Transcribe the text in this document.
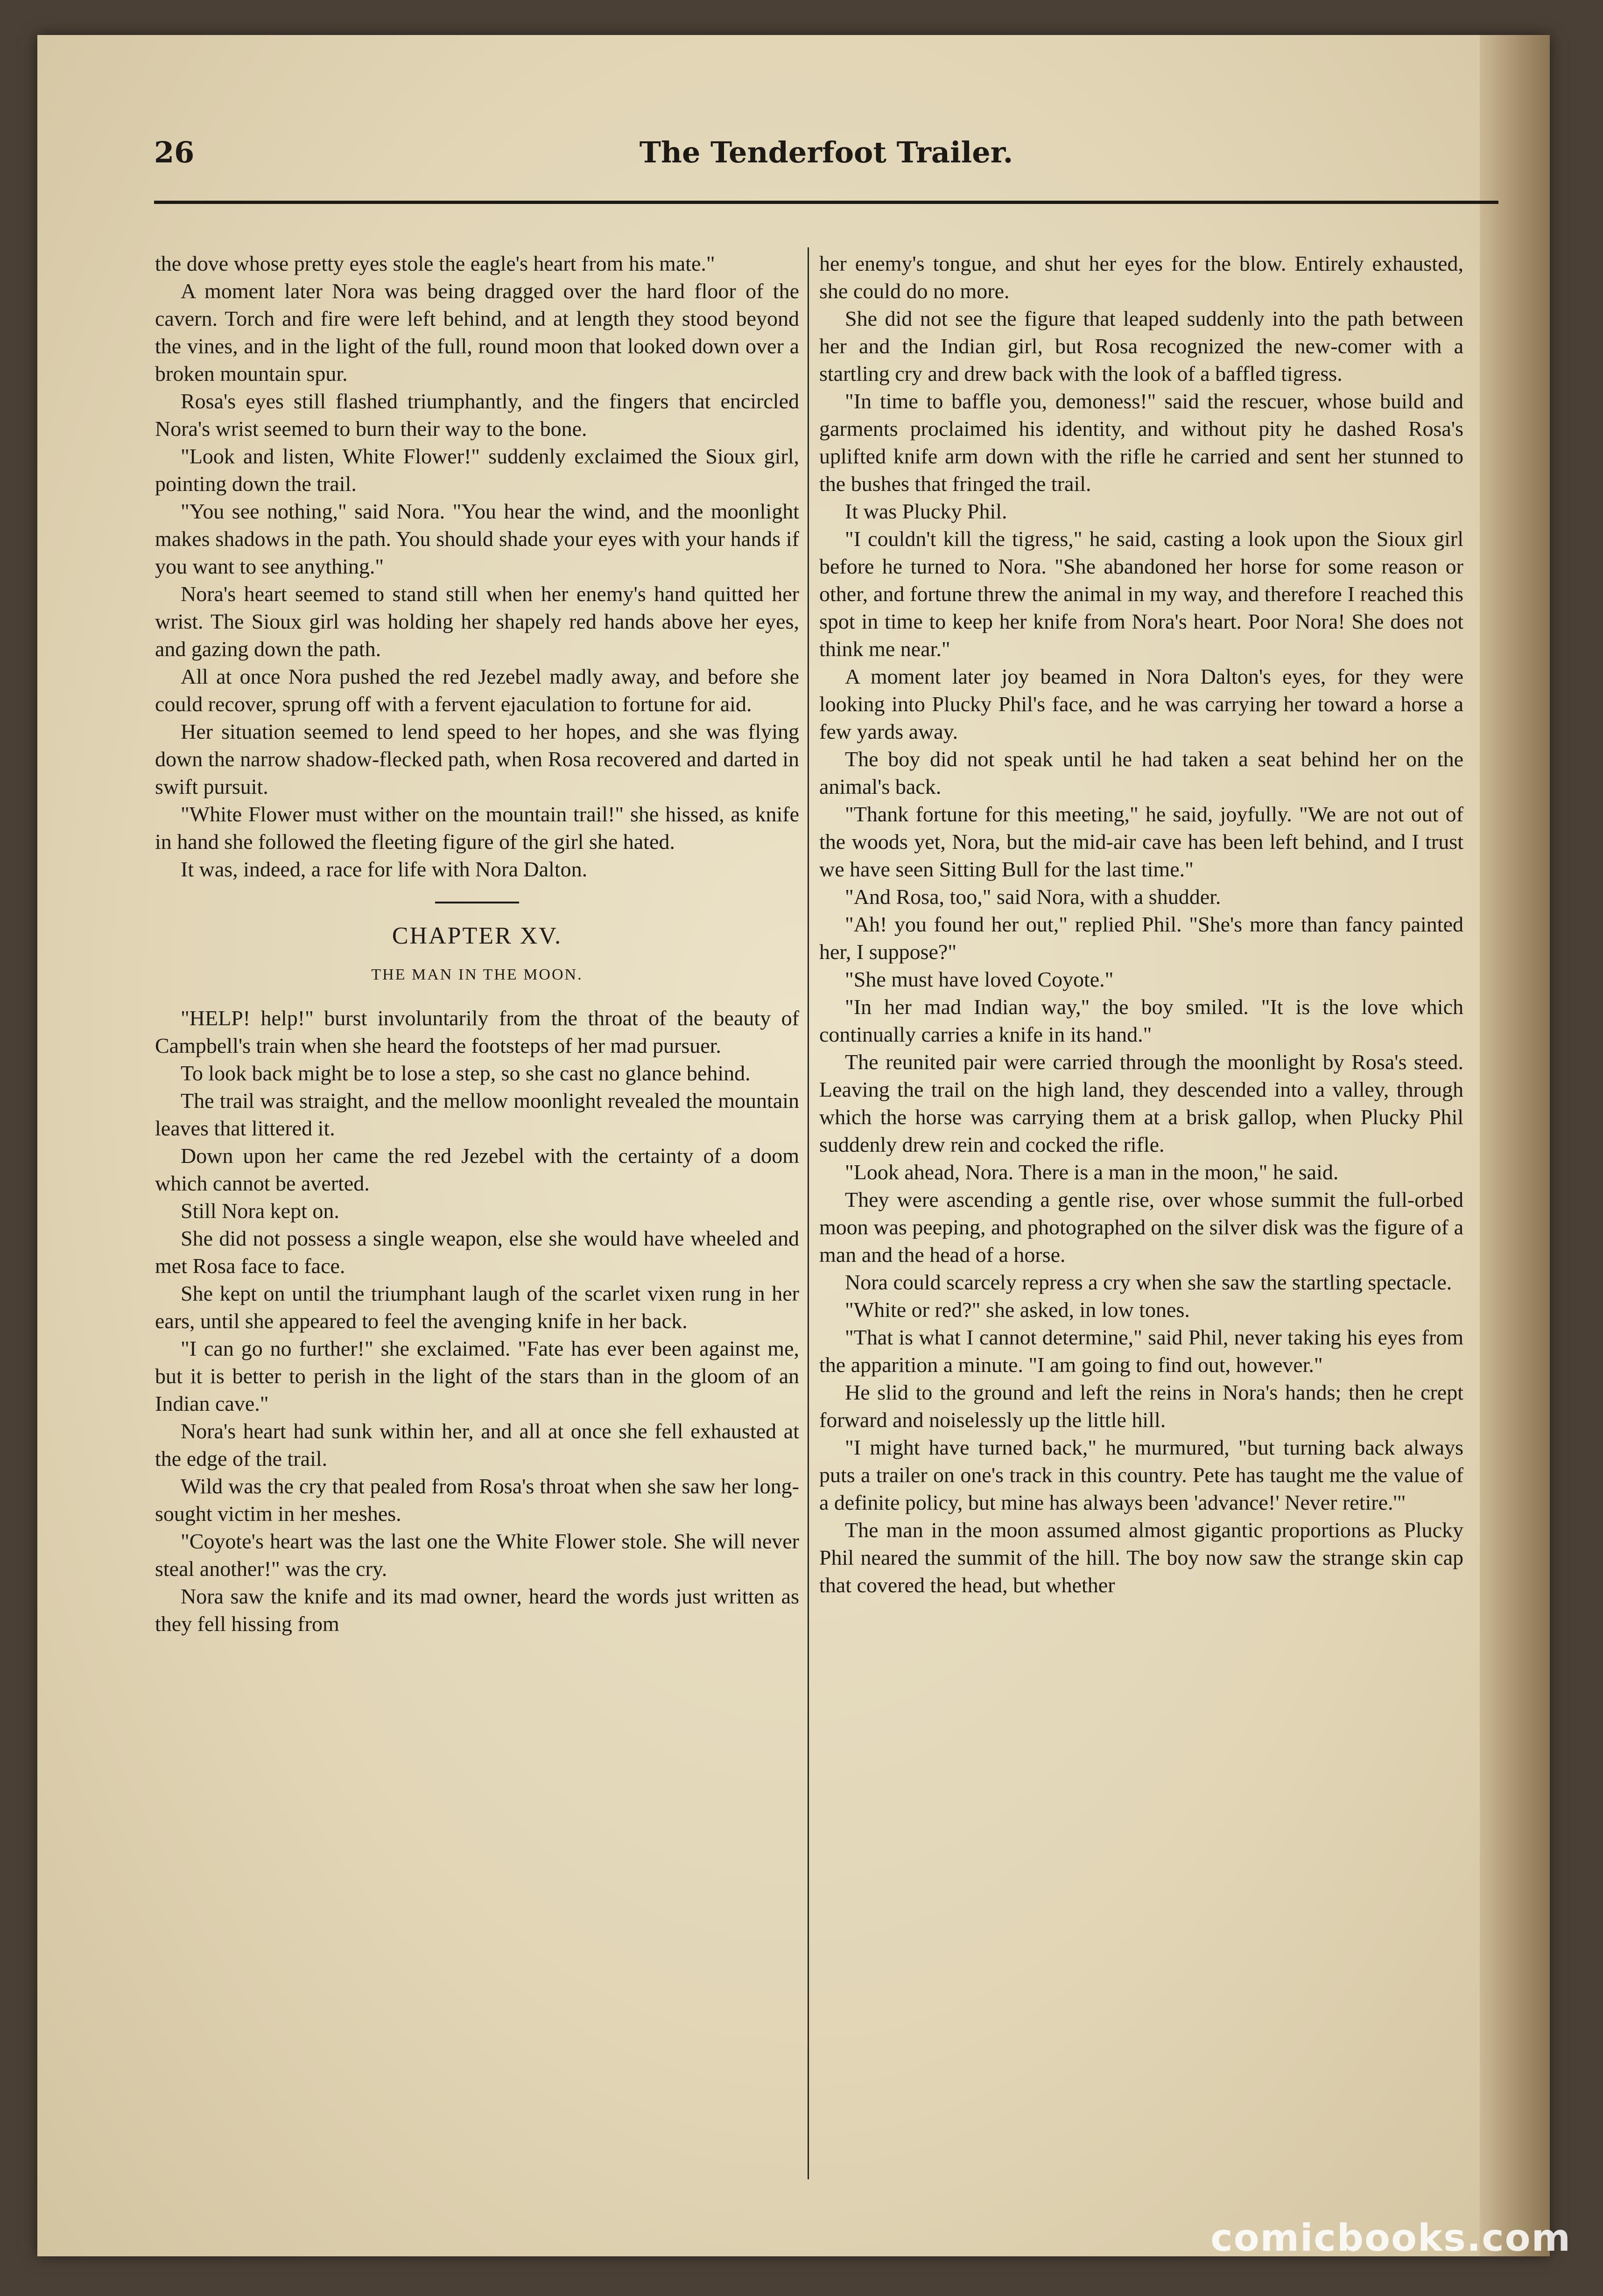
26	The Tenderfoot Trailer.

the dove whose pretty eyes stole the eagle's heart from his mate."

A moment later Nora was being dragged over the hard floor of the cavern. Torch and fire were left behind, and at length they stood beyond the vines, and in the light of the full, round moon that looked down over a broken mountain spur.

Rosa's eyes still flashed triumphantly, and the fingers that encircled Nora's wrist seemed to burn their way to the bone.

"Look and listen, White Flower!" suddenly exclaimed the Sioux girl, pointing down the trail.

"You see nothing," said Nora. "You hear the wind, and the moonlight makes shadows in the path. You should shade your eyes with your hands if you want to see anything."

Nora's heart seemed to stand still when her enemy's hand quitted her wrist. The Sioux girl was holding her shapely red hands above her eyes, and gazing down the path.

All at once Nora pushed the red Jezebel madly away, and before she could recover, sprung off with a fervent ejaculation to fortune for aid.

Her situation seemed to lend speed to her hopes, and she was flying down the narrow shadow-flecked path, when Rosa recovered and darted in swift pursuit.

"White Flower must wither on the mountain trail!" she hissed, as knife in hand she followed the fleeting figure of the girl she hated.

It was, indeed, a race for life with Nora Dalton.

CHAPTER XV.
THE MAN IN THE MOON.

"HELP! help!" burst involuntarily from the throat of the beauty of Campbell's train when she heard the footsteps of her mad pursuer.

To look back might be to lose a step, so she cast no glance behind.

The trail was straight, and the mellow moonlight revealed the mountain leaves that littered it.

Down upon her came the red Jezebel with the certainty of a doom which cannot be averted.

Still Nora kept on.

She did not possess a single weapon, else she would have wheeled and met Rosa face to face.

She kept on until the triumphant laugh of the scarlet vixen rung in her ears, until she appeared to feel the avenging knife in her back.

"I can go no further!" she exclaimed. "Fate has ever been against me, but it is better to perish in the light of the stars than in the gloom of an Indian cave."

Nora's heart had sunk within her, and all at once she fell exhausted at the edge of the trail.

Wild was the cry that pealed from Rosa's throat when she saw her long-sought victim in her meshes.

"Coyote's heart was the last one the White Flower stole. She will never steal another!" was the cry.

Nora saw the knife and its mad owner, heard the words just written as they fell hissing from

her enemy's tongue, and shut her eyes for the blow. Entirely exhausted, she could do no more.

She did not see the figure that leaped suddenly into the path between her and the Indian girl, but Rosa recognized the new-comer with a startling cry and drew back with the look of a baffled tigress.

"In time to baffle you, demoness!" said the rescuer, whose build and garments proclaimed his identity, and without pity he dashed Rosa's uplifted knife arm down with the rifle he carried and sent her stunned to the bushes that fringed the trail.

It was Plucky Phil.

"I couldn't kill the tigress," he said, casting a look upon the Sioux girl before he turned to Nora. "She abandoned her horse for some reason or other, and fortune threw the animal in my way, and therefore I reached this spot in time to keep her knife from Nora's heart. Poor Nora! She does not think me near."

A moment later joy beamed in Nora Dalton's eyes, for they were looking into Plucky Phil's face, and he was carrying her toward a horse a few yards away.

The boy did not speak until he had taken a seat behind her on the animal's back.

"Thank fortune for this meeting," he said, joyfully. "We are not out of the woods yet, Nora, but the mid-air cave has been left behind, and I trust we have seen Sitting Bull for the last time."

"And Rosa, too," said Nora, with a shudder.

"Ah! you found her out," replied Phil. "She's more than fancy painted her, I suppose?"

"She must have loved Coyote."

"In her mad Indian way," the boy smiled. "It is the love which continually carries a knife in its hand."

The reunited pair were carried through the moonlight by Rosa's steed. Leaving the trail on the high land, they descended into a valley, through which the horse was carrying them at a brisk gallop, when Plucky Phil suddenly drew rein and cocked the rifle.

"Look ahead, Nora. There is a man in the moon," he said.

They were ascending a gentle rise, over whose summit the full-orbed moon was peeping, and photographed on the silver disk was the figure of a man and the head of a horse.

Nora could scarcely repress a cry when she saw the startling spectacle.

"White or red?" she asked, in low tones.

"That is what I cannot determine," said Phil, never taking his eyes from the apparition a minute. "I am going to find out, however."

He slid to the ground and left the reins in Nora's hands; then he crept forward and noiselessly up the little hill.

"I might have turned back," he murmured, "but turning back always puts a trailer on one's track in this country. Pete has taught me the value of a definite policy, but mine has always been 'advance!' Never retire.'"

The man in the moon assumed almost gigantic proportions as Plucky Phil neared the summit of the hill. The boy now saw the strange skin cap that covered the head, but whether

comicbooks.com
